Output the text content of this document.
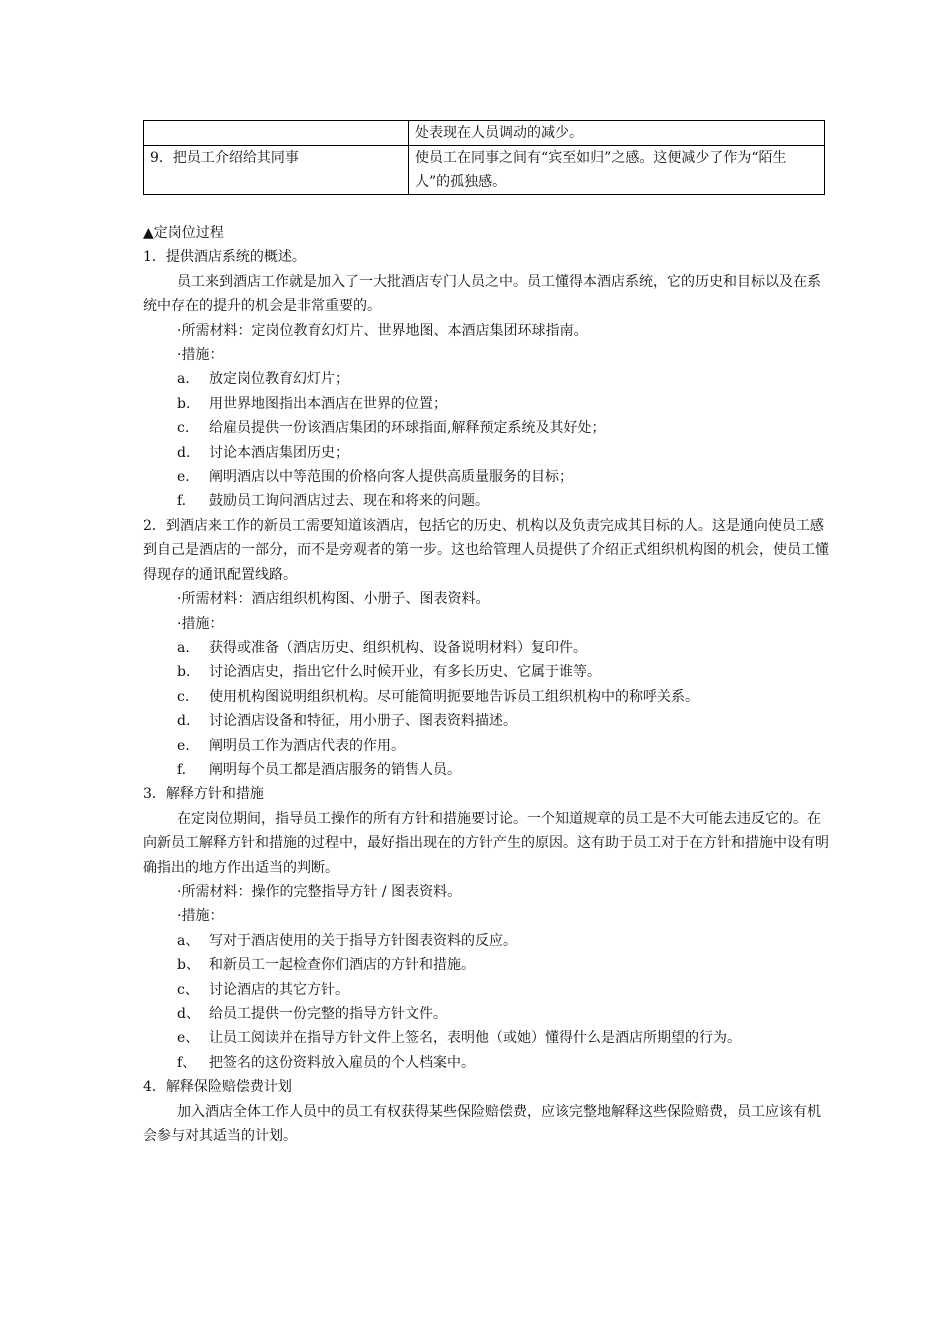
	处表现在人员调动的减少。
9．把员工介绍给其同事	使员工在同事之间有“宾至如归”之感。这便减少了作为“陌生人”的孤独感。
▲定岗位过程
1．提供酒店系统的概述。
员工来到酒店工作就是加入了一大批酒店专门人员之中。员工懂得本酒店系统，它的历史和目标以及在系统中存在的提升的机会是非常重要的。
·所需材料：定岗位教育幻灯片、世界地图、本酒店集团环球指南。
·措施：
a. 放定岗位教育幻灯片；
b. 用世界地图指出本酒店在世界的位置；
c. 给雇员提供一份该酒店集团的环球指面,解释预定系统及其好处；
d. 讨论本酒店集团历史；
e. 阐明酒店以中等范围的价格向客人提供高质量服务的目标；
f. 鼓励员工询问酒店过去、现在和将来的问题。
2．到酒店来工作的新员工需要知道该酒店，包括它的历史、机构以及负责完成其目标的人。这是通向使员工感到自己是酒店的一部分，而不是旁观者的第一步。这也给管理人员提供了介绍正式组织机构图的机会，使员工懂得现存的通讯配置线路。
·所需材料：酒店组织机构图、小册子、图表资料。
·措施：
a. 获得或准备（酒店历史、组织机构、设备说明材料）复印件。
b. 讨论酒店史，指出它什么时候开业，有多长历史、它属于谁等。
c. 使用机构图说明组织机构。尽可能简明扼要地告诉员工组织机构中的称呼关系。
d. 讨论酒店设备和特征，用小册子、图表资料描述。
e. 阐明员工作为酒店代表的作用。
f. 阐明每个员工都是酒店服务的销售人员。
3．解释方针和措施
在定岗位期间，指导员工操作的所有方针和措施要讨论。一个知道规章的员工是不大可能去违反它的。在向新员工解释方针和措施的过程中，最好指出现在的方针产生的原因。这有助于员工对于在方针和措施中设有明确指出的地方作出适当的判断。
·所需材料：操作的完整指导方针 / 图表资料。
·措施：
a、 写对于酒店使用的关于指导方针图表资料的反应。
b、 和新员工一起检查你们酒店的方针和措施。
c、 讨论酒店的其它方针。
d、 给员工提供一份完整的指导方针文件。
e、 让员工阅读并在指导方针文件上签名，表明他（或她）懂得什么是酒店所期望的行为。
f、 把签名的这份资料放入雇员的个人档案中。
4．解释保险赔偿费计划
加入酒店全体工作人员中的员工有权获得某些保险赔偿费，应该完整地解释这些保险赔费，员工应该有机会参与对其适当的计划。
